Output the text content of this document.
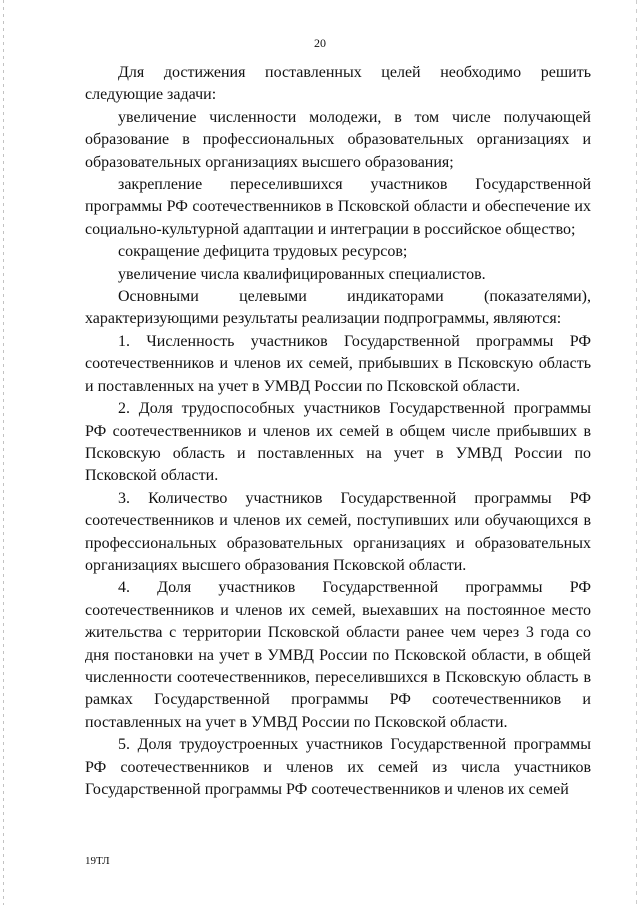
20

Для достижения поставленных целей необходимо решить следующие задачи:

увеличение численности молодежи, в том числе получающей образование в профессиональных образовательных организациях и образовательных организациях высшего образования;

закрепление переселившихся участников Государственной программы РФ соотечественников в Псковской области и обеспечение их социально-культурной адаптации и интеграции в российское общество;

сокращение дефицита трудовых ресурсов;

увеличение числа квалифицированных специалистов.

Основными целевыми индикаторами (показателями), характеризующими результаты реализации подпрограммы, являются:

1. Численность участников Государственной программы РФ соотечественников и членов их семей, прибывших в Псковскую область и поставленных на учет в УМВД России по Псковской области.

2. Доля трудоспособных участников Государственной программы РФ соотечественников и членов их семей в общем числе прибывших в Псковскую область и поставленных на учет в УМВД России по Псковской области.

3. Количество участников Государственной программы РФ соотечественников и членов их семей, поступивших или обучающихся в профессиональных образовательных организациях и образовательных организациях высшего образования Псковской области.

4. Доля участников Государственной программы РФ соотечественников и членов их семей, выехавших на постоянное место жительства с территории Псковской области ранее чем через 3 года со дня постановки на учет в УМВД России по Псковской области, в общей численности соотечественников, переселившихся в Псковскую область в рамках Государственной программы РФ соотечественников и поставленных на учет в УМВД России по Псковской области.

5. Доля трудоустроенных участников Государственной программы РФ соотечественников и членов их семей из числа участников Государственной программы РФ соотечественников и членов их семей

19ТЛ
